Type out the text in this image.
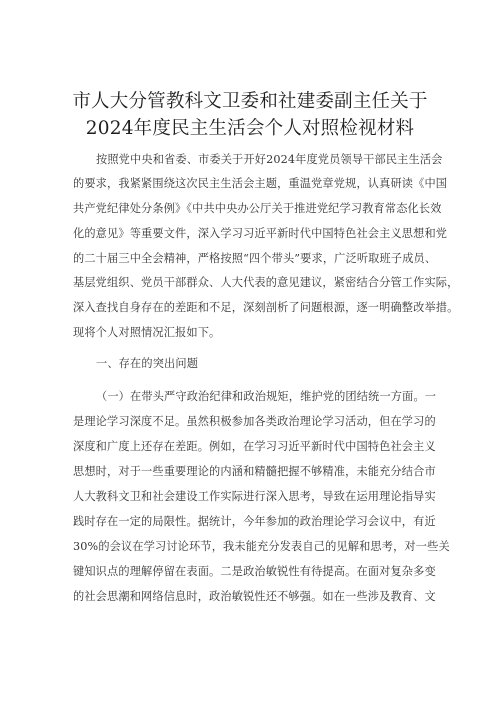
市人大分管教科文卫委和社建委副主任关于
2024年度民主生活会个人对照检视材料
按照党中央和省委、市委关于开好2024年度党员领导干部民主生活会
的要求，我紧紧围绕这次民主生活会主题，重温党章党规，认真研读《中国
共产党纪律处分条例》《中共中央办公厅关于推进党纪学习教育常态化长效
化的意见》等重要文件，深入学习习近平新时代中国特色社会主义思想和党
的二十届三中全会精神，严格按照“四个带头”要求，广泛听取班子成员、
基层党组织、党员干部群众、人大代表的意见建议，紧密结合分管工作实际，
深入查找自身存在的差距和不足，深刻剖析了问题根源，逐一明确整改举措。
现将个人对照情况汇报如下。
一、存在的突出问题
（一）在带头严守政治纪律和政治规矩，维护党的团结统一方面。一
是理论学习深度不足。虽然积极参加各类政治理论学习活动，但在学习的
深度和广度上还存在差距。例如，在学习习近平新时代中国特色社会主义
思想时，对于一些重要理论的内涵和精髓把握不够精准，未能充分结合市
人大教科文卫和社会建设工作实际进行深入思考，导致在运用理论指导实
践时存在一定的局限性。据统计，今年参加的政治理论学习会议中，有近
30%的会议在学习讨论环节，我未能充分发表自己的见解和思考，对一些关
键知识点的理解停留在表面。二是政治敏锐性有待提高。在面对复杂多变
的社会思潮和网络信息时，政治敏锐性还不够强。如在一些涉及教育、文
